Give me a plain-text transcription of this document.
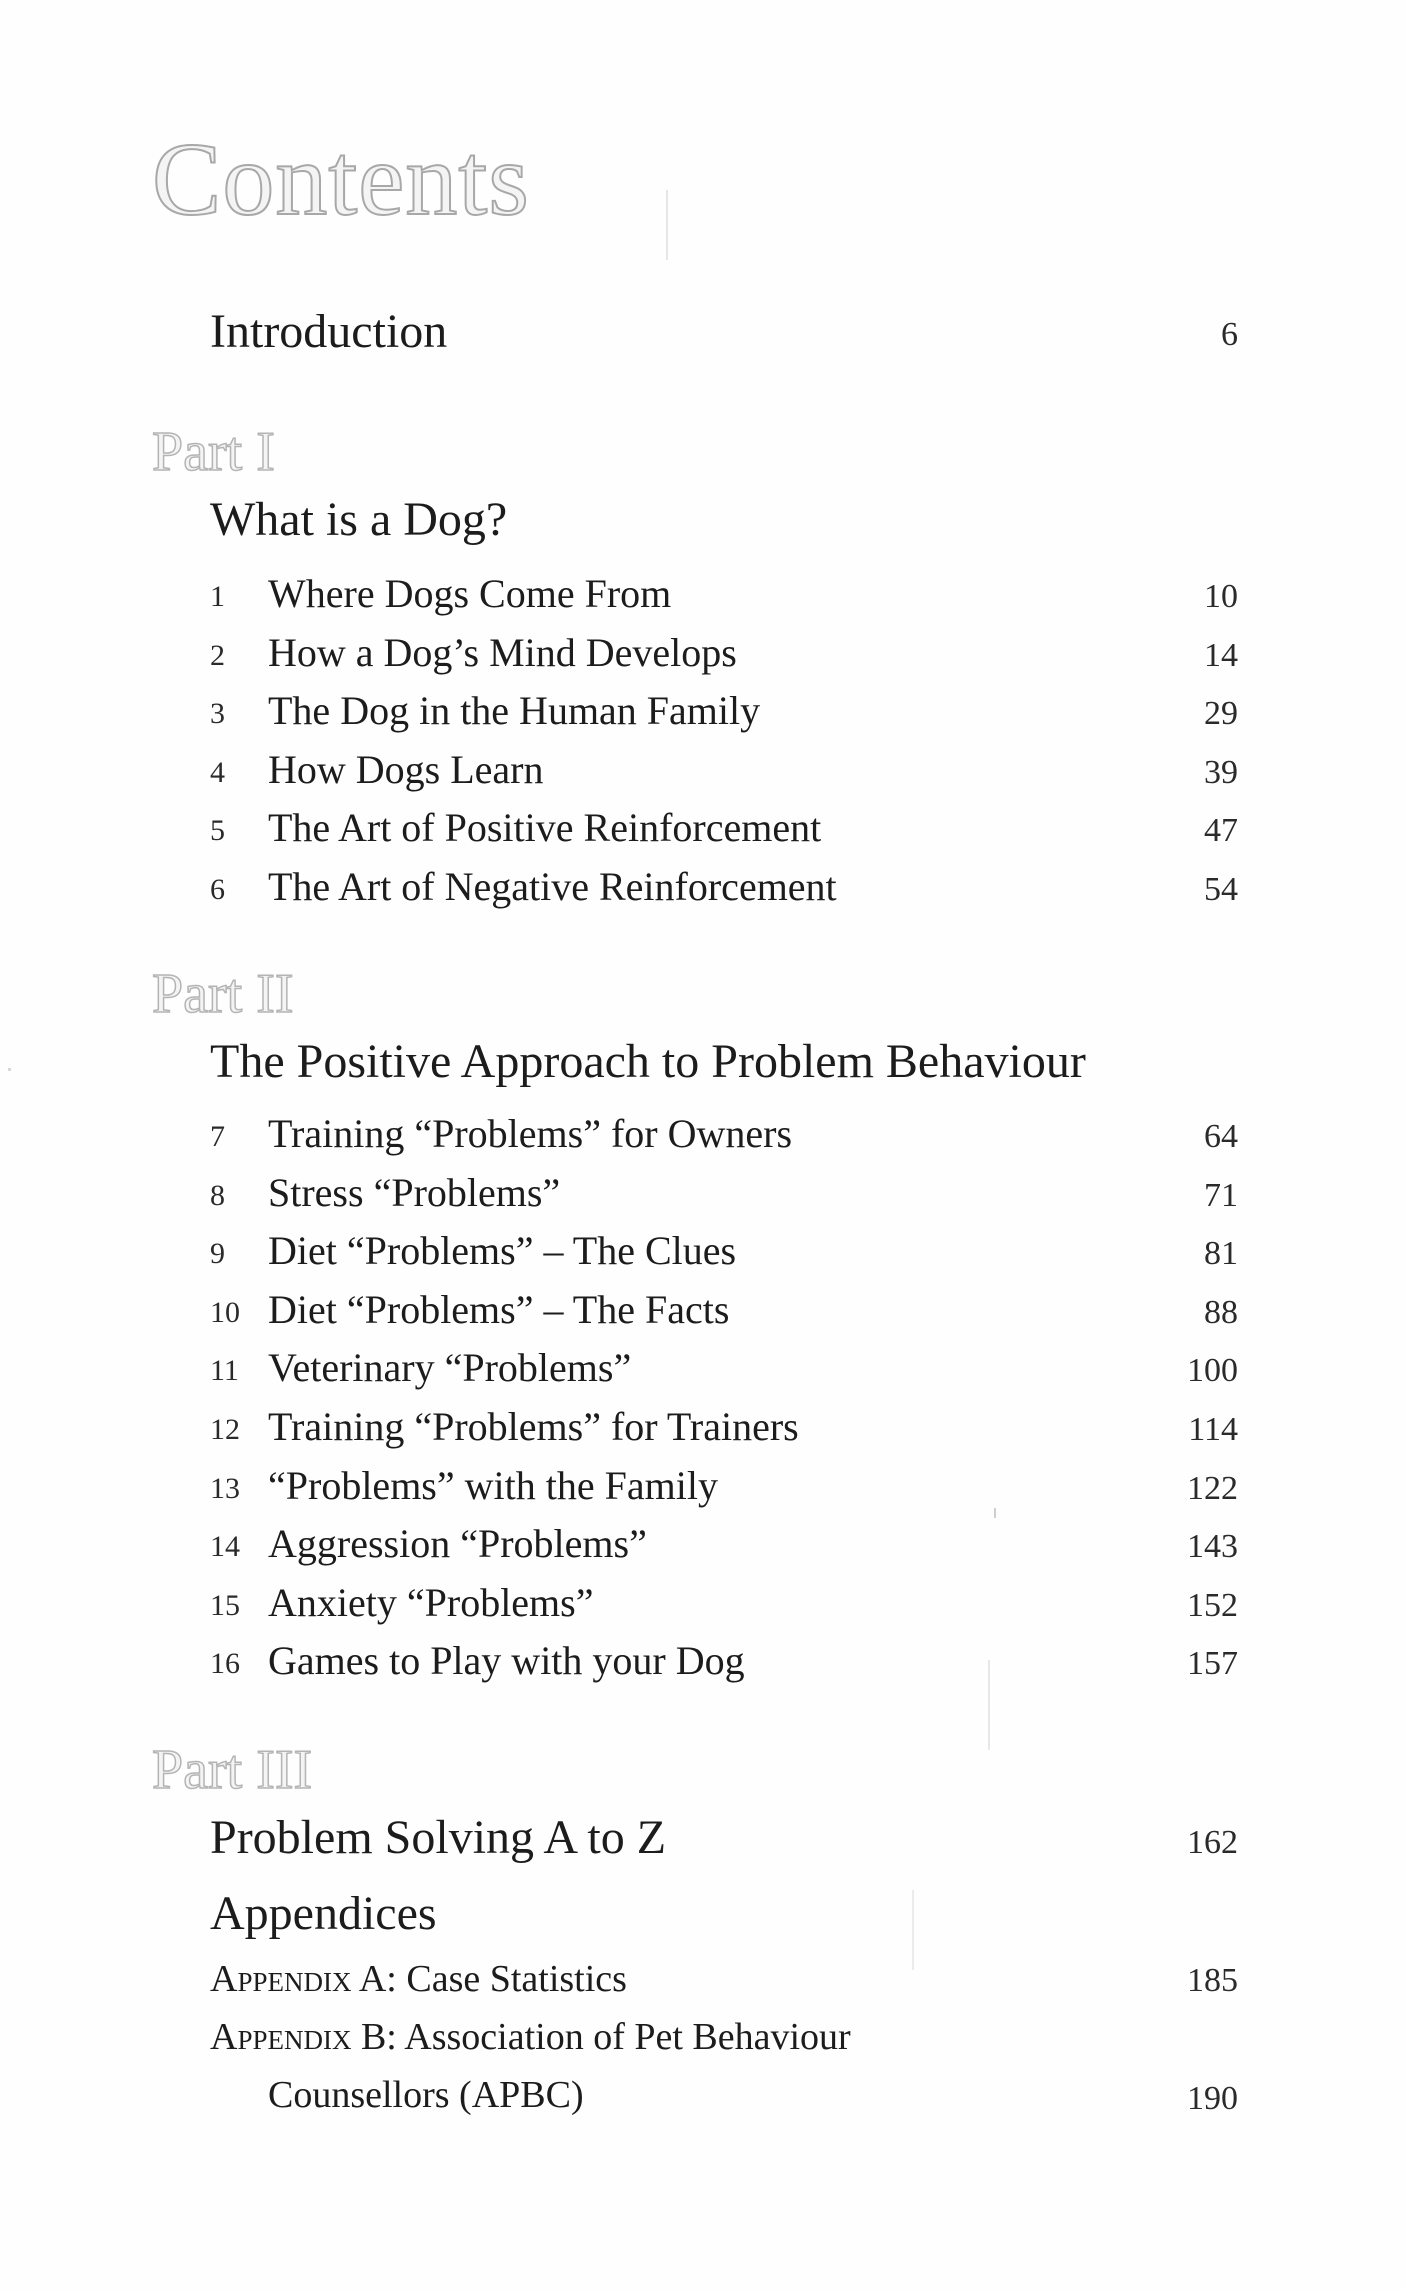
Contents
Introduction	6
Part I
What is a Dog?
1 Where Dogs Come From	10
2 How a Dog’s Mind Develops	14
3 The Dog in the Human Family	29
4 How Dogs Learn	39
5 The Art of Positive Reinforcement	47
6 The Art of Negative Reinforcement	54
Part II
The Positive Approach to Problem Behaviour
7 Training “Problems” for Owners	64
8 Stress “Problems”	71
9 Diet “Problems” – The Clues	81
10 Diet “Problems” – The Facts	88
11 Veterinary “Problems”	100
12 Training “Problems” for Trainers	114
13 “Problems” with the Family	122
14 Aggression “Problems”	143
15 Anxiety “Problems”	152
16 Games to Play with your Dog	157
Part III
Problem Solving A to Z	162
Appendices
Appendix A: Case Statistics	185
Appendix B: Association of Pet Behaviour
Counsellors (APBC)	190
